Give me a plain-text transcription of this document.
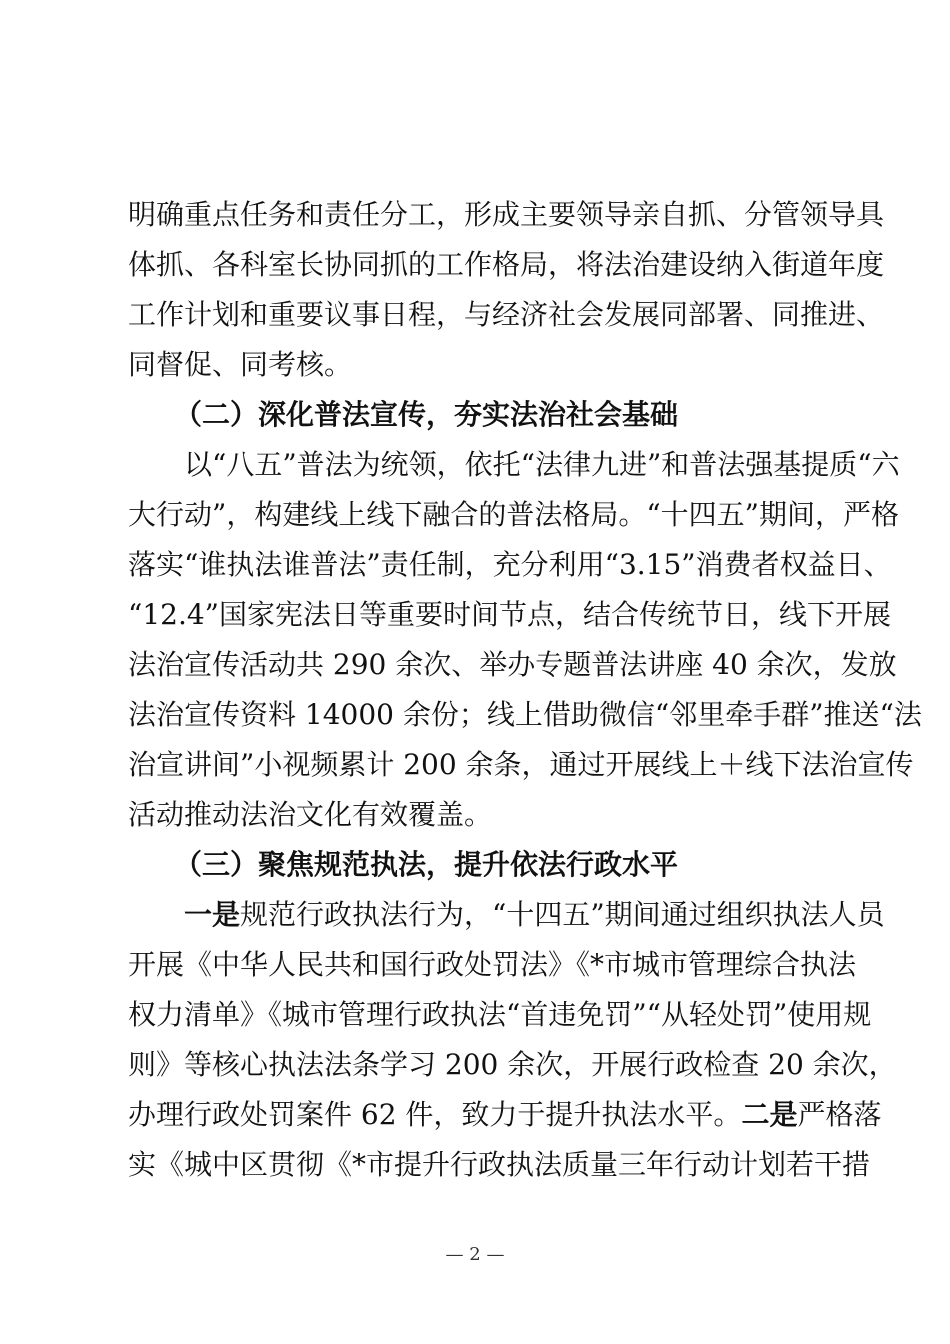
明确重点任务和责任分工，形成主要领导亲自抓、分管领导具
体抓、各科室长协同抓的工作格局，将法治建设纳入街道年度
工作计划和重要议事日程，与经济社会发展同部署、同推进、
同督促、同考核。
（二）深化普法宣传，夯实法治社会基础
以“八五”普法为统领，依托“法律九进”和普法强基提质“六
大行动”，构建线上线下融合的普法格局。“十四五”期间，严格
落实“谁执法谁普法”责任制，充分利用“3.15”消费者权益日、
“12.4”国家宪法日等重要时间节点，结合传统节日，线下开展
法治宣传活动共 290 余次、举办专题普法讲座 40 余次，发放
法治宣传资料 14000 余份；线上借助微信“邻里牵手群”推送“法
治宣讲间”小视频累计 200 余条，通过开展线上＋线下法治宣传
活动推动法治文化有效覆盖。
（三）聚焦规范执法，提升依法行政水平
一是规范行政执法行为，“十四五”期间通过组织执法人员
开展《中华人民共和国行政处罚法》《*市城市管理综合执法
权力清单》《城市管理行政执法“首违免罚”“从轻处罚”使用规
则》等核心执法法条学习 200 余次，开展行政检查 20 余次，
办理行政处罚案件 62 件，致力于提升执法水平。二是严格落
实《城中区贯彻《*市提升行政执法质量三年行动计划若干措
— 2 —
